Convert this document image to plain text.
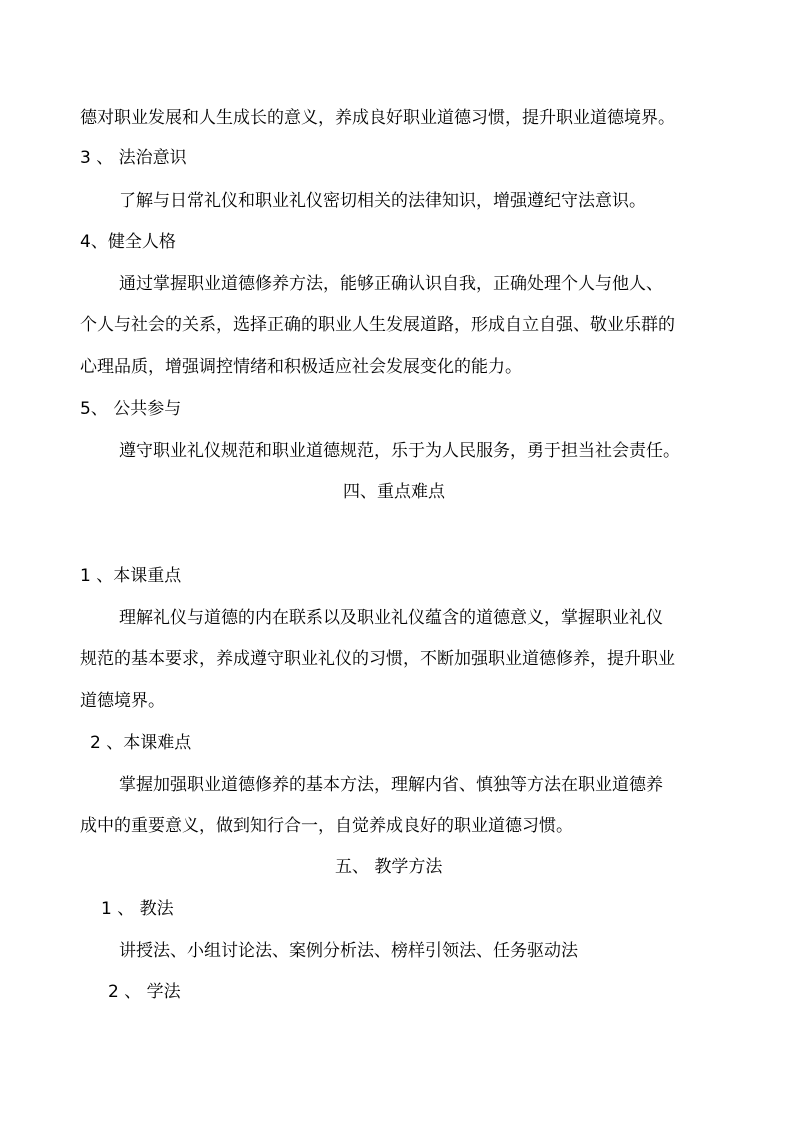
德对职业发展和人生成长的意义，养成良好职业道德习惯，提升职业道德境界。
3 、 法治意识
了解与日常礼仪和职业礼仪密切相关的法律知识，增强遵纪守法意识。
4、健全人格
通过掌握职业道德修养方法，能够正确认识自我，正确处理个人与他人、
个人与社会的关系，选择正确的职业人生发展道路，形成自立自强、敬业乐群的
心理品质，增强调控情绪和积极适应社会发展变化的能力。
5、 公共参与
遵守职业礼仪规范和职业道德规范，乐于为人民服务，勇于担当社会责任。
四、重点难点
1 、本课重点
理解礼仪与道德的内在联系以及职业礼仪蕴含的道德意义，掌握职业礼仪
规范的基本要求，养成遵守职业礼仪的习惯，不断加强职业道德修养，提升职业
道德境界。
2 、本课难点
掌握加强职业道德修养的基本方法，理解内省、慎独等方法在职业道德养
成中的重要意义，做到知行合一，自觉养成良好的职业道德习惯。
五、 教学方法
1 、 教法
讲授法、小组讨论法、案例分析法、榜样引领法、任务驱动法
2 、 学法
